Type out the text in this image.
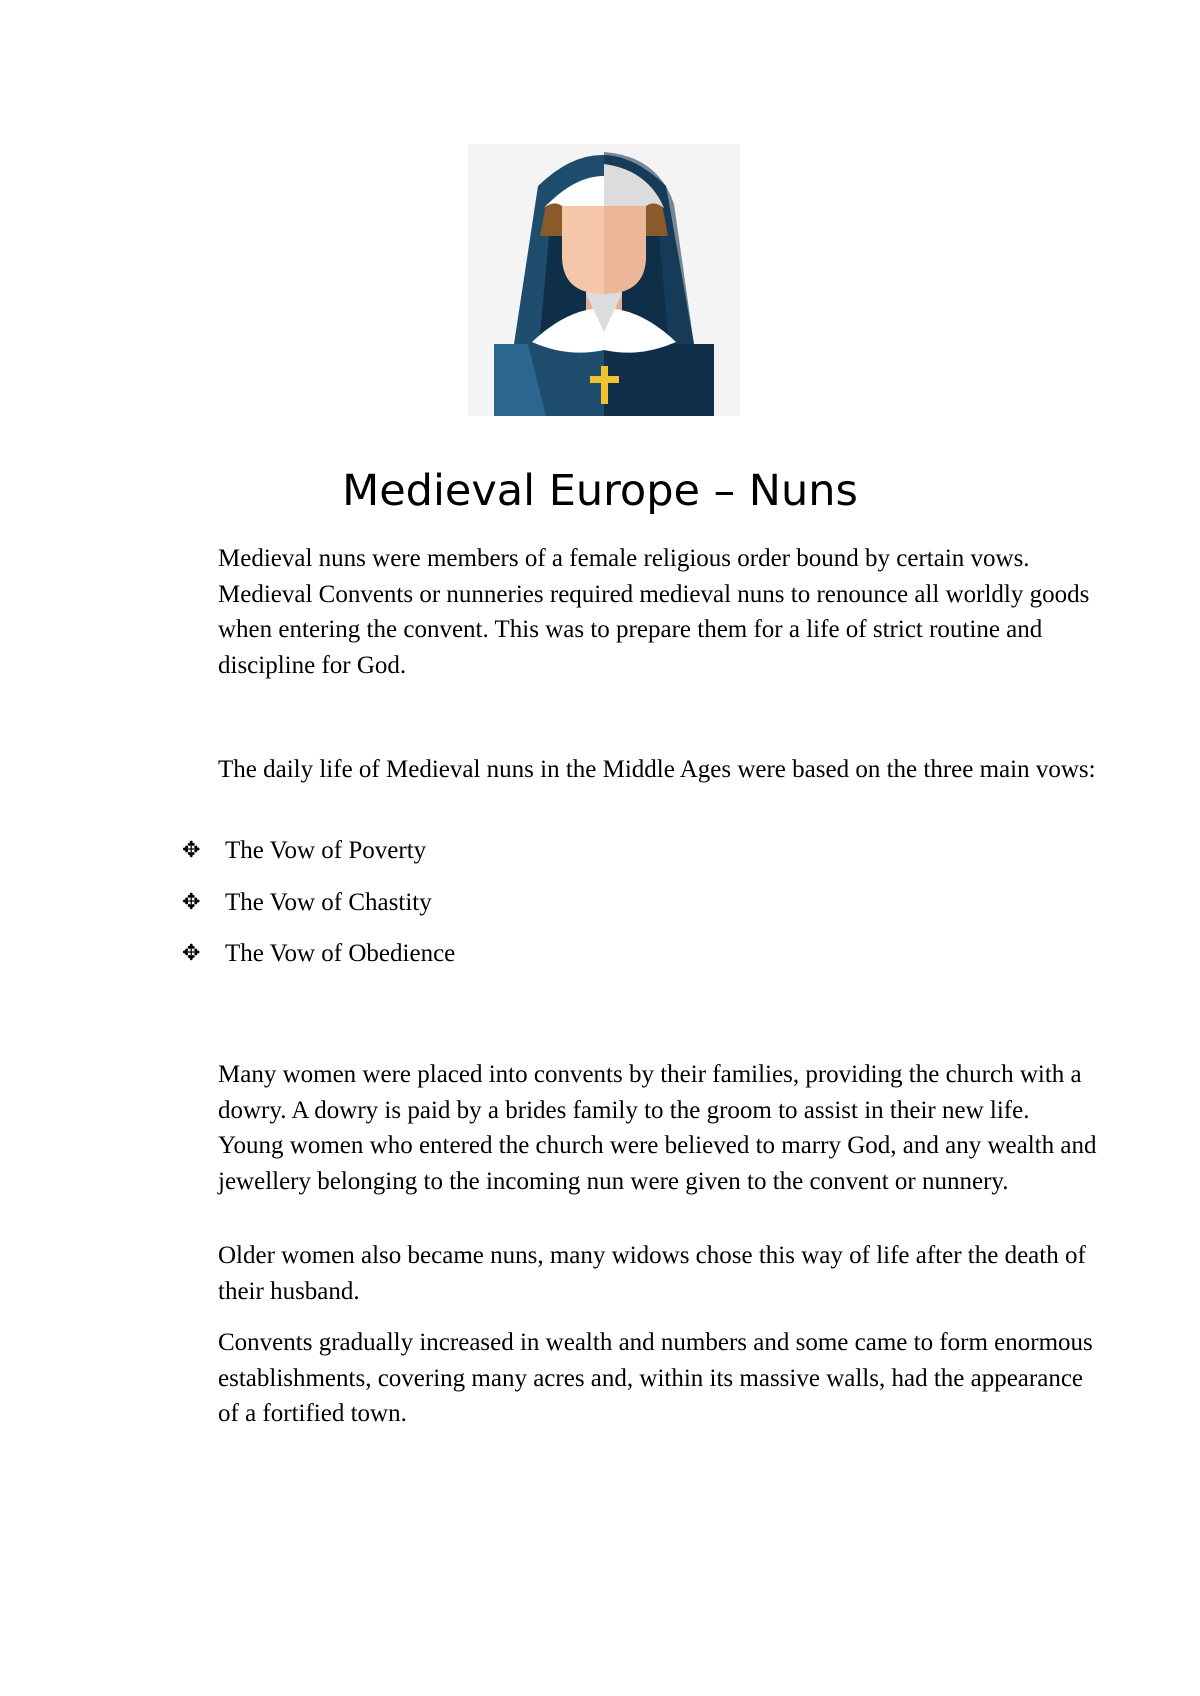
Medieval Europe – Nuns

Medieval nuns were members of a female religious order bound by certain vows. Medieval Convents or nunneries required medieval nuns to renounce all worldly goods when entering the convent. This was to prepare them for a life of strict routine and discipline for God.

The daily life of Medieval nuns in the Middle Ages were based on the three main vows:

✥ The Vow of Poverty
✥ The Vow of Chastity
✥ The Vow of Obedience

Many women were placed into convents by their families, providing the church with a dowry. A dowry is paid by a brides family to the groom to assist in their new life. Young women who entered the church were believed to marry God, and any wealth and jewellery belonging to the incoming nun were given to the convent or nunnery.

Older women also became nuns, many widows chose this way of life after the death of their husband.

Convents gradually increased in wealth and numbers and some came to form enormous establishments, covering many acres and, within its massive walls, had the appearance of a fortified town.
